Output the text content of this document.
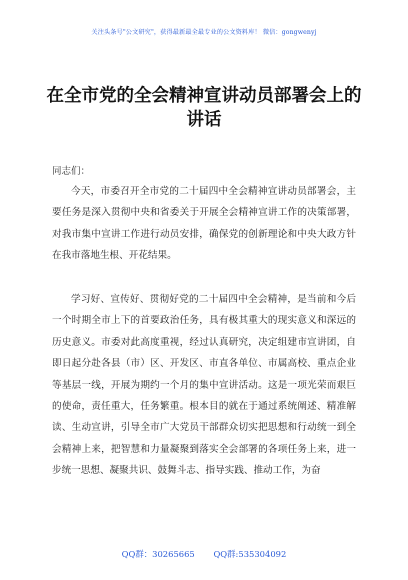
关注头条号"公文研究"，获得最新最全最专业的公文资料库！ 微信：gongwenyj
在全市党的全会精神宣讲动员部署会上的讲话
同志们：

今天，市委召开全市党的二十届四中全会精神宣讲动员部署会，主要任务是深入贯彻中央和省委关于开展全会精神宣讲工作的决策部署，对我市集中宣讲工作进行动员安排，确保党的创新理论和中央大政方针在我市落地生根、开花结果。

学习好、宣传好、贯彻好党的二十届四中全会精神，是当前和今后一个时期全市上下的首要政治任务，具有极其重大的现实意义和深远的历史意义。市委对此高度重视，经过认真研究，决定组建市宣讲团，自即日起分赴各县（市）区、开发区、市直各单位、市属高校、重点企业等基层一线，开展为期约一个月的集中宣讲活动。这是一项光荣而艰巨的使命，责任重大，任务繁重。根本目的就在于通过系统阐述、精准解读、生动宣讲，引导全市广大党员干部群众切实把思想和行动统一到全会精神上来，把智慧和力量凝聚到落实全会部署的各项任务上来，进一步统一思想、凝聚共识、鼓舞斗志、指导实践、推动工作，为奋

QQ群：30265665 QQ群:535304092
